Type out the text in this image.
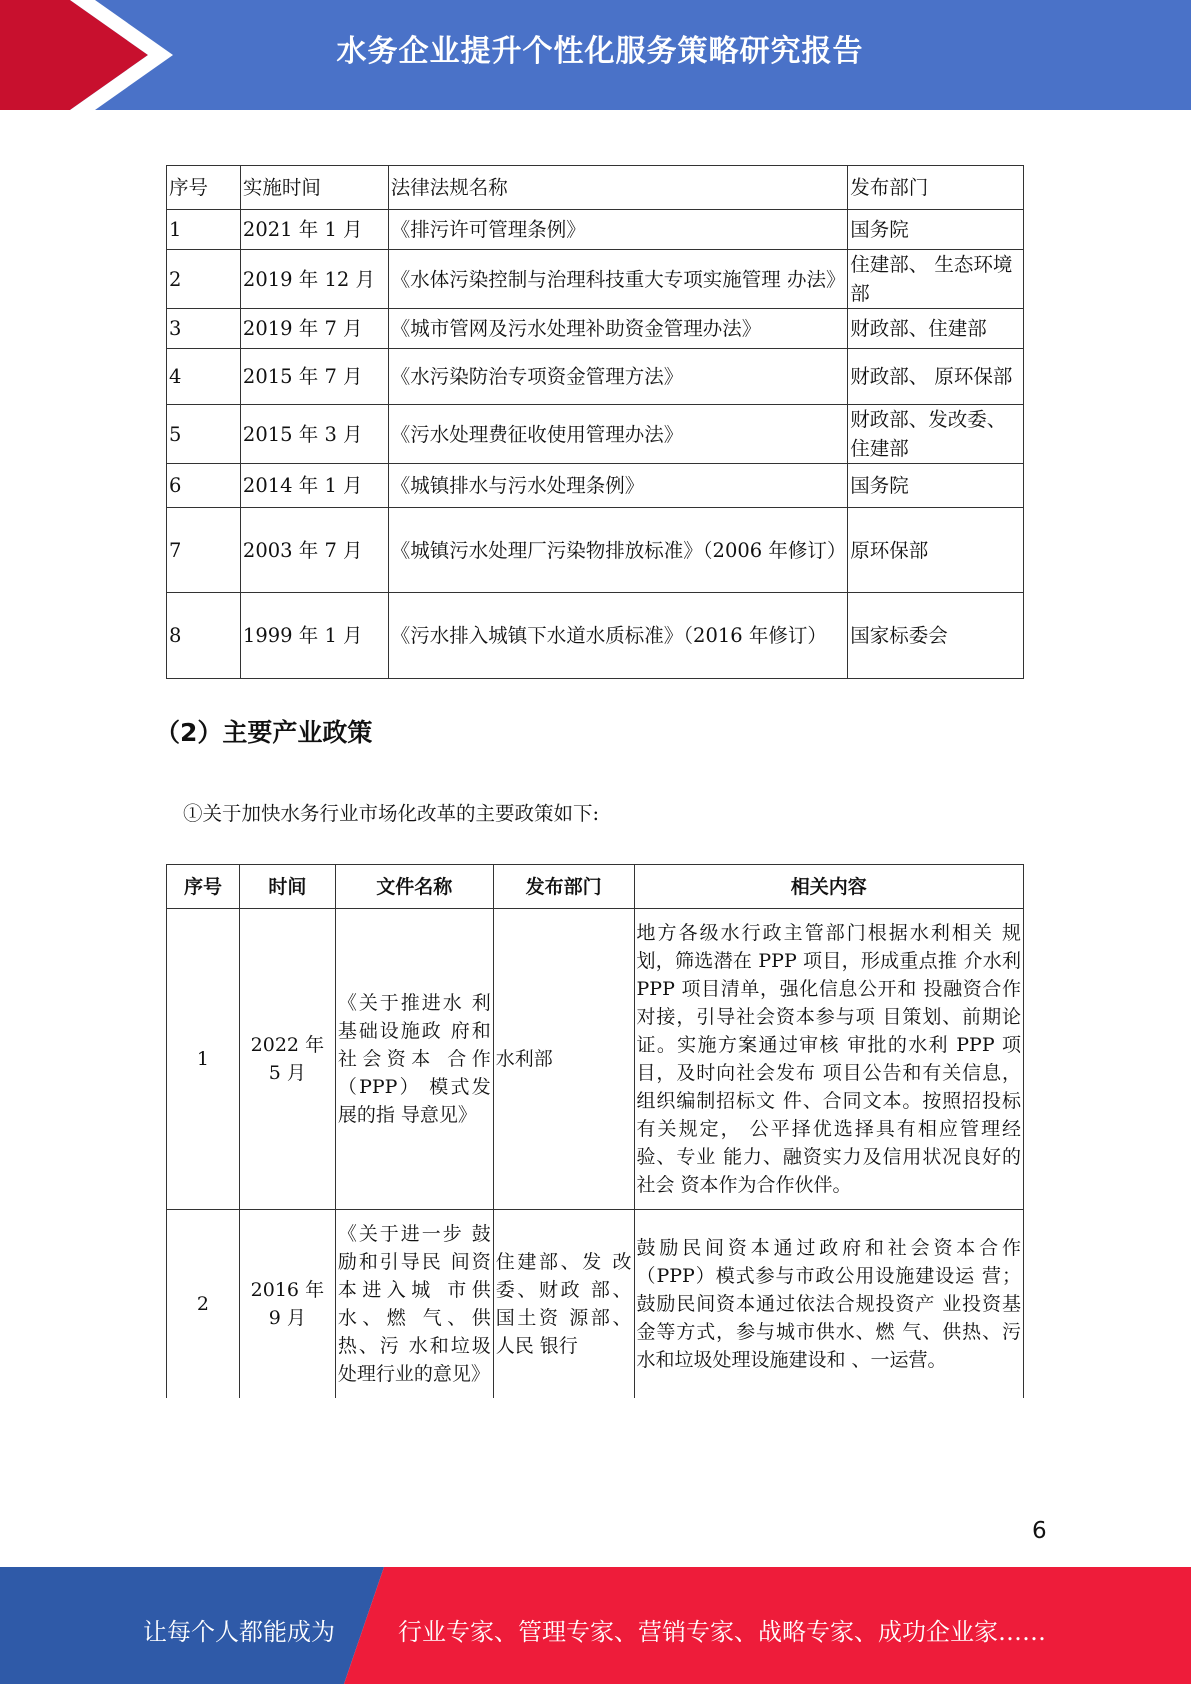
水务企业提升个性化服务策略研究报告
序号	实施时间	法律法规名称	发布部门
1	2021 年 1 月	《排污许可管理条例》	国务院
2	2019 年 12 月	《水体污染控制与治理科技重大专项实施管理 办法》	住建部、 生态环境部
3	2019 年 7 月	《城市管网及污水处理补助资金管理办法》	财政部、住建部
4	2015 年 7 月	《水污染防治专项资金管理方法》	财政部、 原环保部
5	2015 年 3 月	《污水处理费征收使用管理办法》	财政部、发改委、住建部
6	2014 年 1 月	《城镇排水与污水处理条例》	国务院
7	2003 年 7 月	《城镇污水处理厂污染物排放标准》（2006 年修订）	原环保部
8	1999 年 1 月	《污水排入城镇下水道水质标准》（2016 年修订）	国家标委会
（2）主要产业政策
①关于加快水务行业市场化改革的主要政策如下:
序号	时间	文件名称	发布部门	相关内容
1	2022 年 5 月	《关于推进水 利基础设施政 府和社会资本 合作（PPP） 模式发展的指 导意见》	水利部	地方各级水行政主管部门根据水利相关 规划，筛选潜在 PPP 项目，形成重点推 介水利 PPP 项目清单，强化信息公开和 投融资合作对接，引导社会资本参与项 目策划、前期论证。实施方案通过审核 审批的水利 PPP 项目，及时向社会发布 项目公告和有关信息，组织编制招标文 件、合同文本。按照招投标有关规定， 公平择优选择具有相应管理经验、专业 能力、融资实力及信用状况良好的社会 资本作为合作伙伴。
2	2016 年 9 月	《关于进一步 鼓励和引导民 间资本进入城 市供水、燃 气、供热、污 水和垃圾处理行业的意见》	住建部、发 改委、财政 部、国土资 源部、人民 银行	鼓励民间资本通过政府和社会资本合作（PPP）模式参与市政公用设施建设运 营；鼓励民间资本通过依法合规投资产 业投资基金等方式，参与城市供水、燃 气、供热、污水和垃圾处理设施建设和 、一运营。
6
让每个人都能成为	行业专家、管理专家、营销专家、战略专家、成功企业家……
